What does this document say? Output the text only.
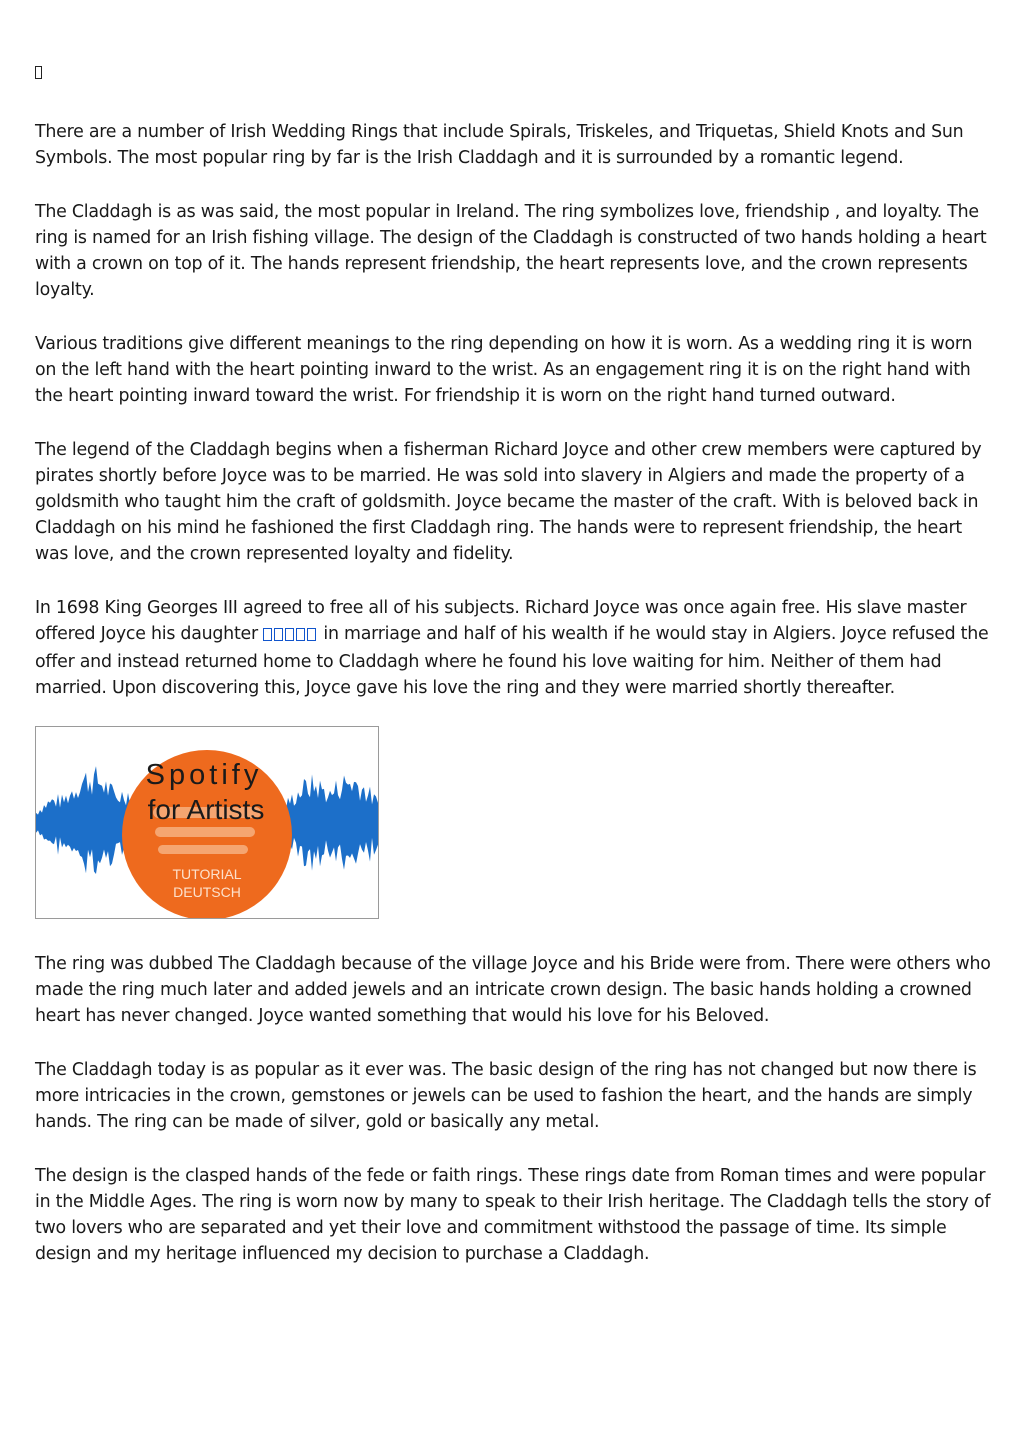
There are a number of Irish Wedding Rings that include Spirals, Triskeles, and Triquetas, Shield Knots and Sun Symbols. The most popular ring by far is the Irish Claddagh and it is surrounded by a romantic legend.

The Claddagh is as was said, the most popular in Ireland. The ring symbolizes love, friendship , and loyalty. The ring is named for an Irish fishing village. The design of the Claddagh is constructed of two hands holding a heart with a crown on top of it. The hands represent friendship, the heart represents love, and the crown represents loyalty.

Various traditions give different meanings to the ring depending on how it is worn. As a wedding ring it is worn on the left hand with the heart pointing inward to the wrist. As an engagement ring it is on the right hand with the heart pointing inward toward the wrist. For friendship it is worn on the right hand turned outward.

The legend of the Claddagh begins when a fisherman Richard Joyce and other crew members were captured by pirates shortly before Joyce was to be married. He was sold into slavery in Algiers and made the property of a goldsmith who taught him the craft of goldsmith. Joyce became the master of the craft. With is beloved back in Claddagh on his mind he fashioned the first Claddagh ring. The hands were to represent friendship, the heart was love, and the crown represented loyalty and fidelity.

In 1698 King Georges III agreed to free all of his subjects. Richard Joyce was once again free. His slave master offered Joyce his daughter	in marriage and half of his wealth if he would stay in Algiers. Joyce refused the offer and instead returned home to Claddagh where he found his love waiting for him. Neither of them had married. Upon discovering this, Joyce gave his love the ring and they were married shortly thereafter.

Spotify
for Artists
TUTORIAL
DEUTSCH

The ring was dubbed The Claddagh because of the village Joyce and his Bride were from. There were others who made the ring much later and added jewels and an intricate crown design. The basic hands holding a crowned heart has never changed. Joyce wanted something that would his love for his Beloved.

The Claddagh today is as popular as it ever was. The basic design of the ring has not changed but now there is more intricacies in the crown, gemstones or jewels can be used to fashion the heart, and the hands are simply hands. The ring can be made of silver, gold or basically any metal.

The design is the clasped hands of the fede or faith rings. These rings date from Roman times and were popular in the Middle Ages. The ring is worn now by many to speak to their Irish heritage. The Claddagh tells the story of two lovers who are separated and yet their love and commitment withstood the passage of time. Its simple design and my heritage influenced my decision to purchase a Claddagh.
